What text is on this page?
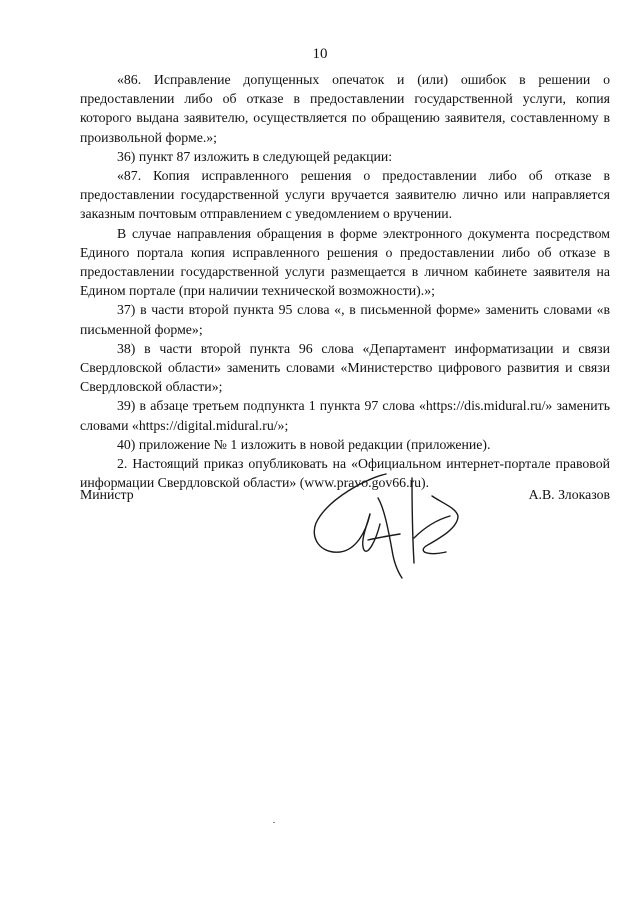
10

«86. Исправление допущенных опечаток и (или) ошибок в решении о предоставлении либо об отказе в предоставлении государственной услуги, копия которого выдана заявителю, осуществляется по обращению заявителя, составленному в произвольной форме.»;

36) пункт 87 изложить в следующей редакции:

«87. Копия исправленного решения о предоставлении либо об отказе в предоставлении государственной услуги вручается заявителю лично или направляется заказным почтовым отправлением с уведомлением о вручении.

В случае направления обращения в форме электронного документа посредством Единого портала копия исправленного решения о предоставлении либо об отказе в предоставлении государственной услуги размещается в личном кабинете заявителя на Едином портале (при наличии технической возможности).»;

37) в части второй пункта 95 слова «, в письменной форме» заменить словами «в письменной форме»;

38) в части второй пункта 96 слова «Департамент информатизации и связи Свердловской области» заменить словами «Министерство цифрового развития и связи Свердловской области»;

39) в абзаце третьем подпункта 1 пункта 97 слова «https://dis.midural.ru/» заменить словами «https://digital.midural.ru/»;

40) приложение № 1 изложить в новой редакции (приложение).

2. Настоящий приказ опубликовать на «Официальном интернет-портале правовой информации Свердловской области» (www.pravo.gov66.ru).

Министр	А.В. Злоказов
